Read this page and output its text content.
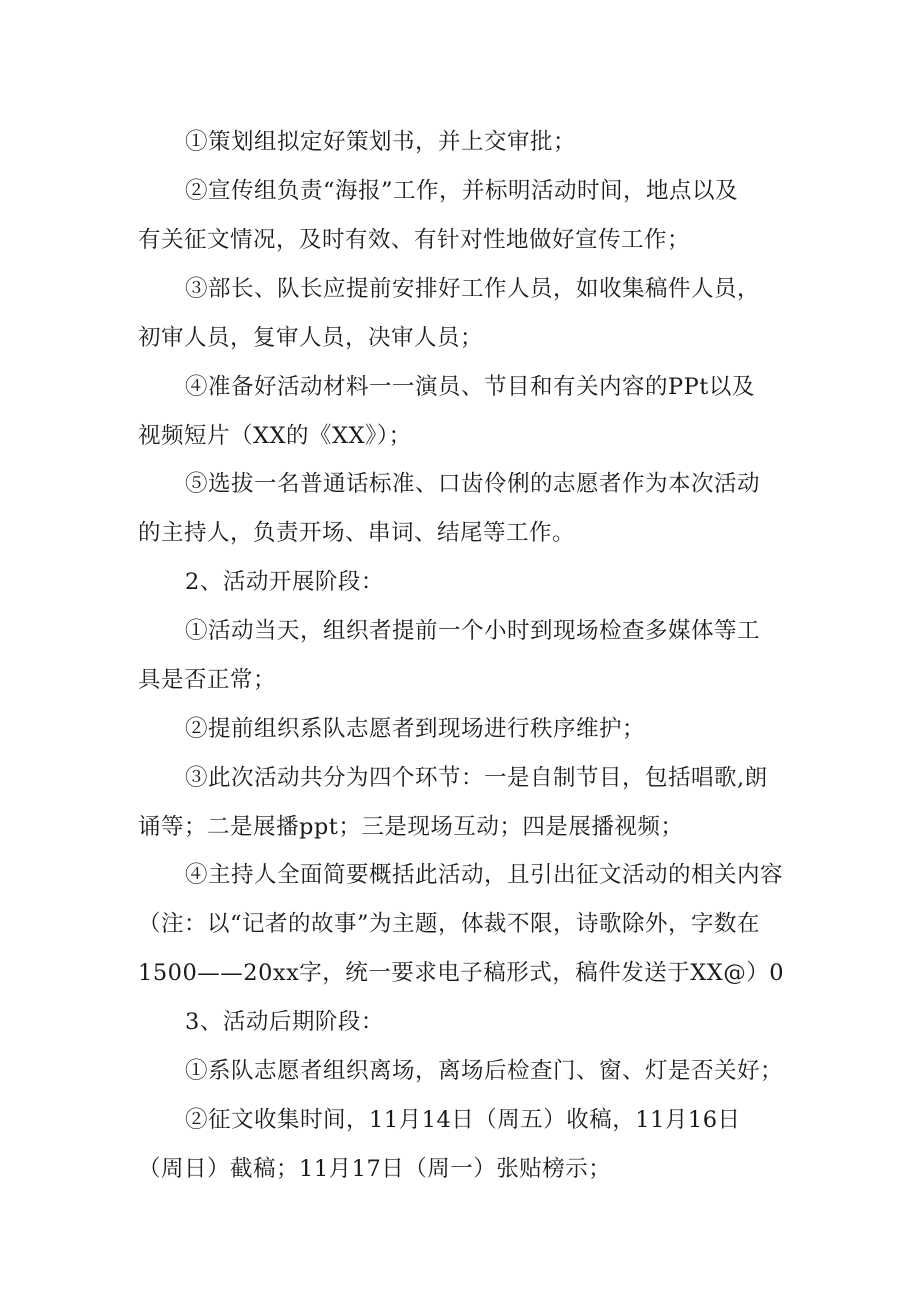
①策划组拟定好策划书，并上交审批；
②宣传组负责“海报”工作，并标明活动时间，地点以及
有关征文情况，及时有效、有针对性地做好宣传工作；
③部长、队长应提前安排好工作人员，如收集稿件人员，
初审人员，复审人员，决审人员；
④准备好活动材料一一演员、节目和有关内容的PPt以及
视频短片（XX的《XX》）；
⑤选拔一名普通话标准、口齿伶俐的志愿者作为本次活动
的主持人，负责开场、串词、结尾等工作。
2、活动开展阶段：
①活动当天，组织者提前一个小时到现场检查多媒体等工
具是否正常；
②提前组织系队志愿者到现场进行秩序维护；
③此次活动共分为四个环节：一是自制节目，包括唱歌,朗
诵等；二是展播ppt；三是现场互动；四是展播视频；
④主持人全面简要概括此活动，且引出征文活动的相关内容
（注：以“记者的故事”为主题，体裁不限，诗歌除外，字数在
1500——20xx字，统一要求电子稿形式，稿件发送于XX@）0
3、活动后期阶段：
①系队志愿者组织离场，离场后检查门、窗、灯是否关好；
②征文收集时间，11月14日（周五）收稿，11月16日
（周日）截稿；11月17日（周一）张贴榜示；
